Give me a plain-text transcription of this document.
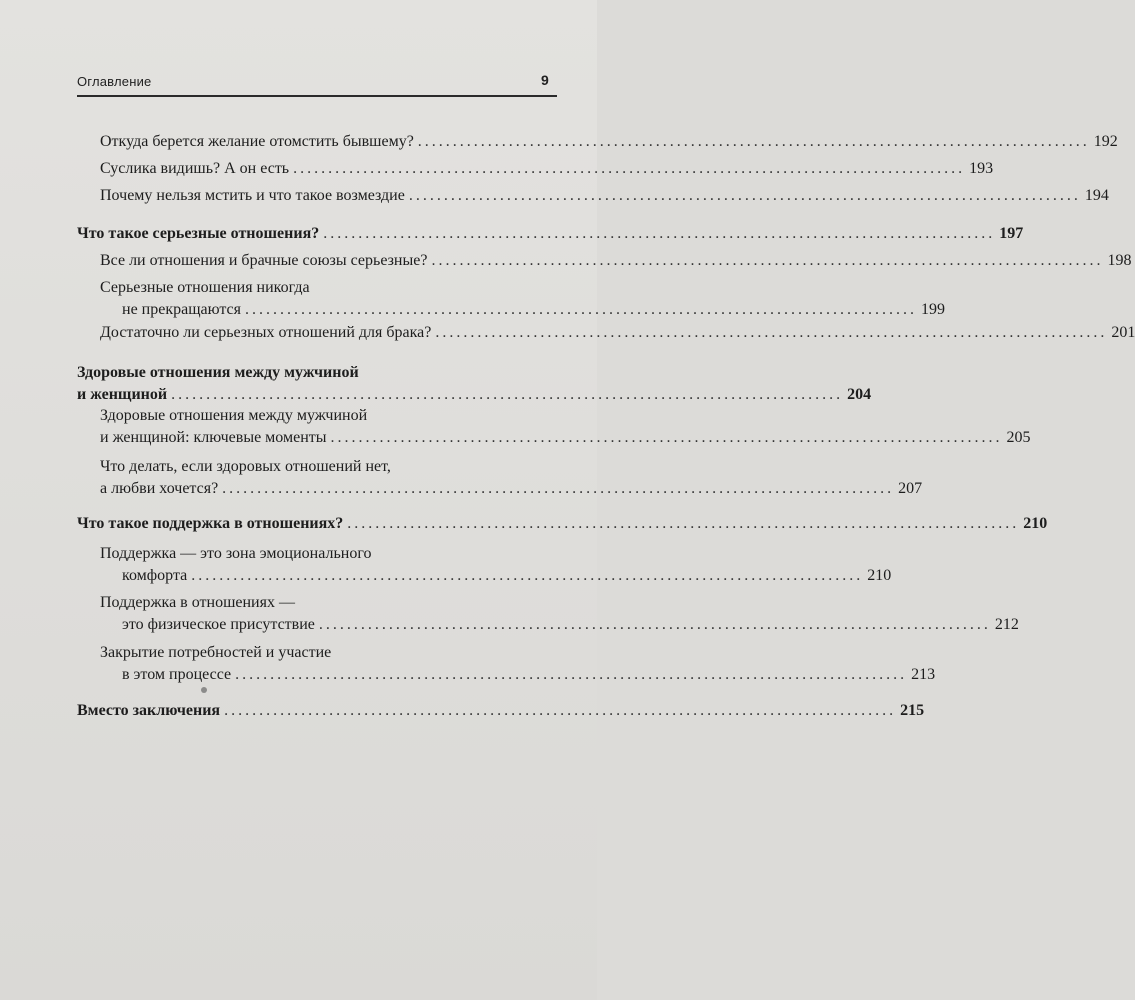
Оглавление	9
Откуда берется желание отомстить бывшему? ................................................................................................ 192
Суслика видишь? А он есть ................................................................................................ 193
Почему нельзя мстить и что такое возмездие ................................................................................................ 194
Что такое серьезные отношения? ................................................................................................ 197
Все ли отношения и брачные союзы серьезные? ................................................................................................ 198
Серьезные отношения никогда
не прекращаются ................................................................................................ 199
Достаточно ли серьезных отношений для брака? ................................................................................................ 201
Здоровые отношения между мужчиной
и женщиной ................................................................................................ 204
Здоровые отношения между мужчиной
и женщиной: ключевые моменты ................................................................................................ 205
Что делать, если здоровых отношений нет,
а любви хочется? ................................................................................................ 207
Что такое поддержка в отношениях? ................................................................................................ 210
Поддержка — это зона эмоционального
комфорта ................................................................................................ 210
Поддержка в отношениях —
это физическое присутствие ................................................................................................ 212
Закрытие потребностей и участие
в этом процессе ................................................................................................ 213
Вместо заключения ................................................................................................ 215
